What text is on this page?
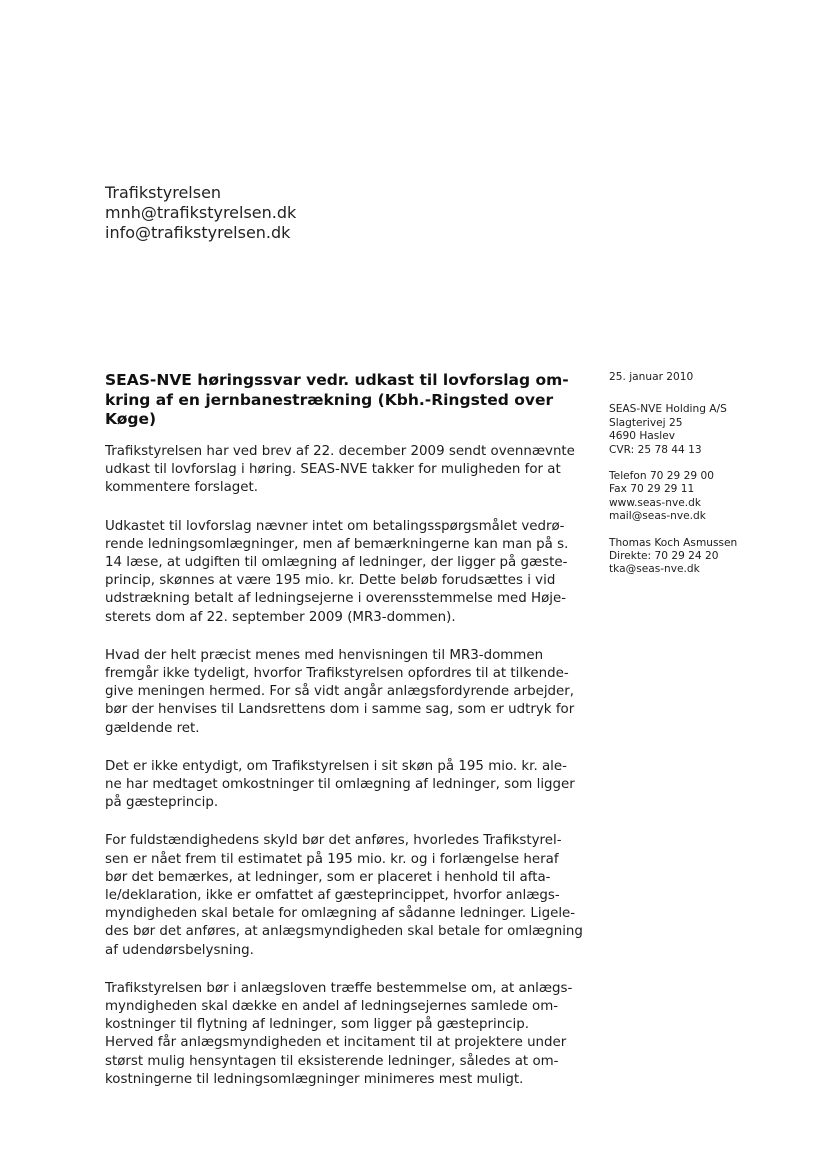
Trafikstyrelsen
mnh@trafikstyrelsen.dk
info@trafikstyrelsen.dk
SEAS-NVE høringssvar vedr. udkast til lovforslag om-
kring af en jernbanestrækning (Kbh.-Ringsted over
Køge)
25. januar 2010
SEAS-NVE Holding A/S
Slagterivej 25
4690 Haslev
CVR: 25 78 44 13
Telefon 70 29 29 00
Fax 70 29 29 11
www.seas-nve.dk
mail@seas-nve.dk
Thomas Koch Asmussen
Direkte: 70 29 24 20
tka@seas-nve.dk

Trafikstyrelsen har ved brev af 22. december 2009 sendt ovennævnte
udkast til lovforslag i høring. SEAS-NVE takker for muligheden for at
kommentere forslaget.

Udkastet til lovforslag nævner intet om betalingsspørgsmålet vedrø-
rende ledningsomlægninger, men af bemærkningerne kan man på s.
14 læse, at udgiften til omlægning af ledninger, der ligger på gæste-
princip, skønnes at være 195 mio. kr. Dette beløb forudsættes i vid
udstrækning betalt af ledningsejerne i overensstemmelse med Høje-
sterets dom af 22. september 2009 (MR3-dommen).

Hvad der helt præcist menes med henvisningen til MR3-dommen
fremgår ikke tydeligt, hvorfor Trafikstyrelsen opfordres til at tilkende-
give meningen hermed. For så vidt angår anlægsfordyrende arbejder,
bør der henvises til Landsrettens dom i samme sag, som er udtryk for
gældende ret.

Det er ikke entydigt, om Trafikstyrelsen i sit skøn på 195 mio. kr. ale-
ne har medtaget omkostninger til omlægning af ledninger, som ligger
på gæsteprincip.

For fuldstændighedens skyld bør det anføres, hvorledes Trafikstyrel-
sen er nået frem til estimatet på 195 mio. kr. og i forlængelse heraf
bør det bemærkes, at ledninger, som er placeret i henhold til afta-
le/deklaration, ikke er omfattet af gæsteprincippet, hvorfor anlægs-
myndigheden skal betale for omlægning af sådanne ledninger. Ligele-
des bør det anføres, at anlægsmyndigheden skal betale for omlægning
af udendørsbelysning.

Trafikstyrelsen bør i anlægsloven træffe bestemmelse om, at anlægs-
myndigheden skal dække en andel af ledningsejernes samlede om-
kostninger til flytning af ledninger, som ligger på gæsteprincip.
Herved får anlægsmyndigheden et incitament til at projektere under
størst mulig hensyntagen til eksisterende ledninger, således at om-
kostningerne til ledningsomlægninger minimeres mest muligt.
